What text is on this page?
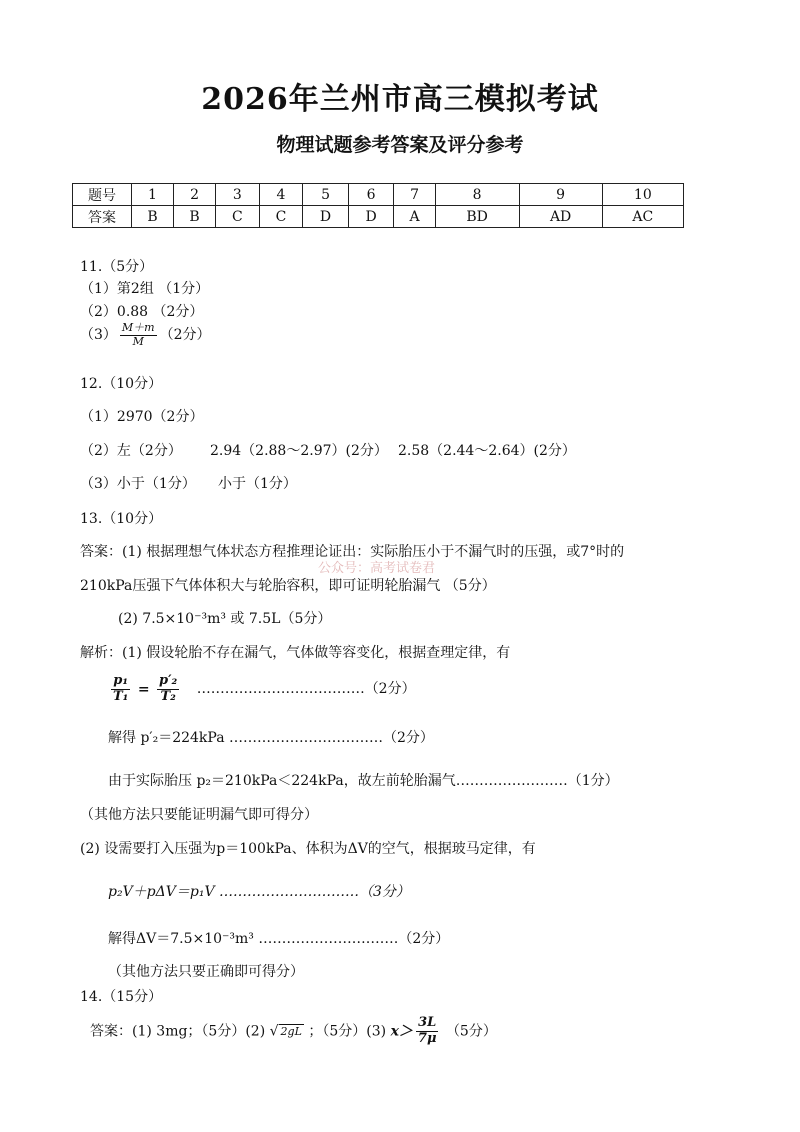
2026年兰州市高三模拟考试
物理试题参考答案及评分参考
题号	1	2	3	4	5	6	7	8	9	10
答案	B	B	C	C	D	D	A	BD	AD	AC
11.（5分）
（1）第2组 （1分）
（2）0.88 （2分）
$(3) \frac{M+m}{M} (2$分）
12.（10分）
（1）2970（2分）
（2）左（2分） 2.94（2.88～2.97）(2分） 2.58（2.44～2.64）(2分）
（3）小于（1分） 小于（1分）
13.（10分）
答案：(1) 根据理想气体状态方程推理论证出：实际胎压小于不漏气时的压强，或7°时的
210kPa压强下气体体积大与轮胎容积，即可证明轮胎漏气 （5分）
公众号：高考试卷君
(2) 7.5×10⁻³m³ 或 7.5L（5分）
解析：(1) 假设轮胎不存在漏气，气体做等容变化，根据查理定律，有
$\frac{\text{p₁}}{\text{T₁}} = \frac{\text{p′₂}}{\text{T₂}}$ ………………………………（2分）
解得 p′₂＝224kPa ……………………………（2分）
由于实际胎压 p₂＝210kPa＜224kPa，故左前轮胎漏气……………………（1分）
（其他方法只要能证明漏气即可得分）
(2) 设需要打入压强为p＝100kPa、体积为ΔV的空气，根据玻马定律，有
p₂V＋pΔV＝p₁V …………………………（3分）
解得ΔV＝7.5×10⁻³m³ …………………………（2分）
（其他方法只要正确即可得分）
14.（15分）
答案：(1) 3mg；（5分）(2) √ 2gL ；（5分）(3) $x> \frac{3L}{7\mu} (5$分）
